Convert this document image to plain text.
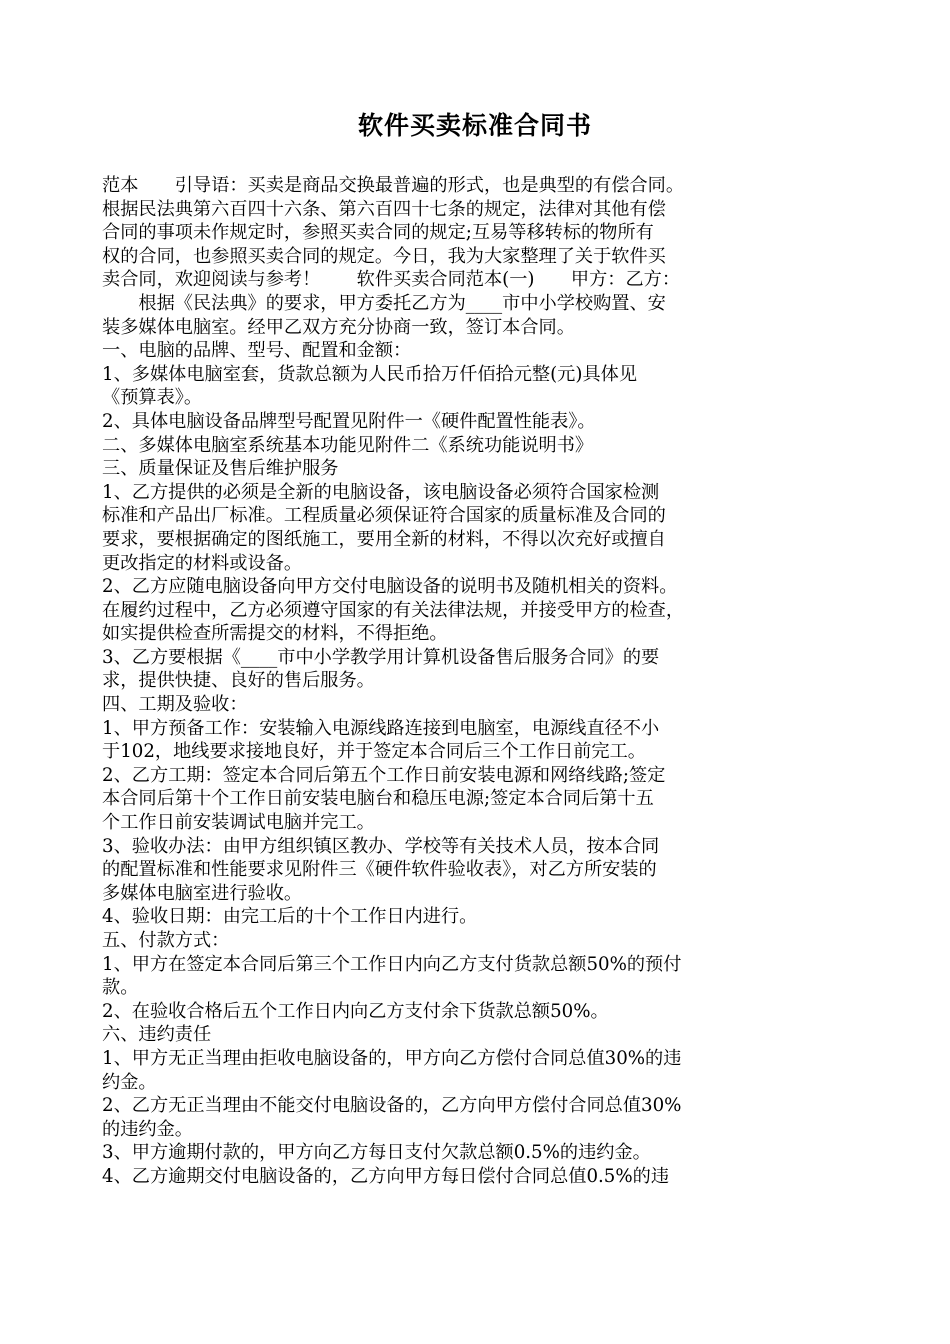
软件买卖标准合同书
范本　　引导语：买卖是商品交换最普遍的形式，也是典型的有偿合同。
根据民法典第六百四十六条、第六百四十七条的规定，法律对其他有偿
合同的事项未作规定时，参照买卖合同的规定;互易等移转标的物所有
权的合同，也参照买卖合同的规定。今日，我为大家整理了关于软件买
卖合同，欢迎阅读与参考！　　软件买卖合同范本(一)　　甲方：乙方：
　　根据《民法典》的要求，甲方委托乙方为____市中小学校购置、安
装多媒体电脑室。经甲乙双方充分协商一致，签订本合同。
一、电脑的品牌、型号、配置和金额：
1、多媒体电脑室套，货款总额为人民币拾万仟佰拾元整(元)具体见
《预算表》。
2、具体电脑设备品牌型号配置见附件一《硬件配置性能表》。
二、多媒体电脑室系统基本功能见附件二《系统功能说明书》
三、质量保证及售后维护服务
1、乙方提供的必须是全新的电脑设备，该电脑设备必须符合国家检测
标准和产品出厂标准。工程质量必须保证符合国家的质量标准及合同的
要求，要根据确定的图纸施工，要用全新的材料，不得以次充好或擅自
更改指定的材料或设备。
2、乙方应随电脑设备向甲方交付电脑设备的说明书及随机相关的资料。
在履约过程中，乙方必须遵守国家的有关法律法规，并接受甲方的检查，
如实提供检查所需提交的材料，不得拒绝。
3、乙方要根据《____市中小学教学用计算机设备售后服务合同》的要
求，提供快捷、良好的售后服务。
四、工期及验收：
1、甲方预备工作：安装输入电源线路连接到电脑室，电源线直径不小
于102，地线要求接地良好，并于签定本合同后三个工作日前完工。
2、乙方工期：签定本合同后第五个工作日前安装电源和网络线路;签定
本合同后第十个工作日前安装电脑台和稳压电源;签定本合同后第十五
个工作日前安装调试电脑并完工。
3、验收办法：由甲方组织镇区教办、学校等有关技术人员，按本合同
的配置标准和性能要求见附件三《硬件软件验收表》，对乙方所安装的
多媒体电脑室进行验收。
4、验收日期：由完工后的十个工作日内进行。
五、付款方式：
1、甲方在签定本合同后第三个工作日内向乙方支付货款总额50%的预付
款。
2、在验收合格后五个工作日内向乙方支付余下货款总额50%。
六、违约责任
1、甲方无正当理由拒收电脑设备的，甲方向乙方偿付合同总值30%的违
约金。
2、乙方无正当理由不能交付电脑设备的，乙方向甲方偿付合同总值30%
的违约金。
3、甲方逾期付款的，甲方向乙方每日支付欠款总额0.5%的违约金。
4、乙方逾期交付电脑设备的，乙方向甲方每日偿付合同总值0.5%的违
